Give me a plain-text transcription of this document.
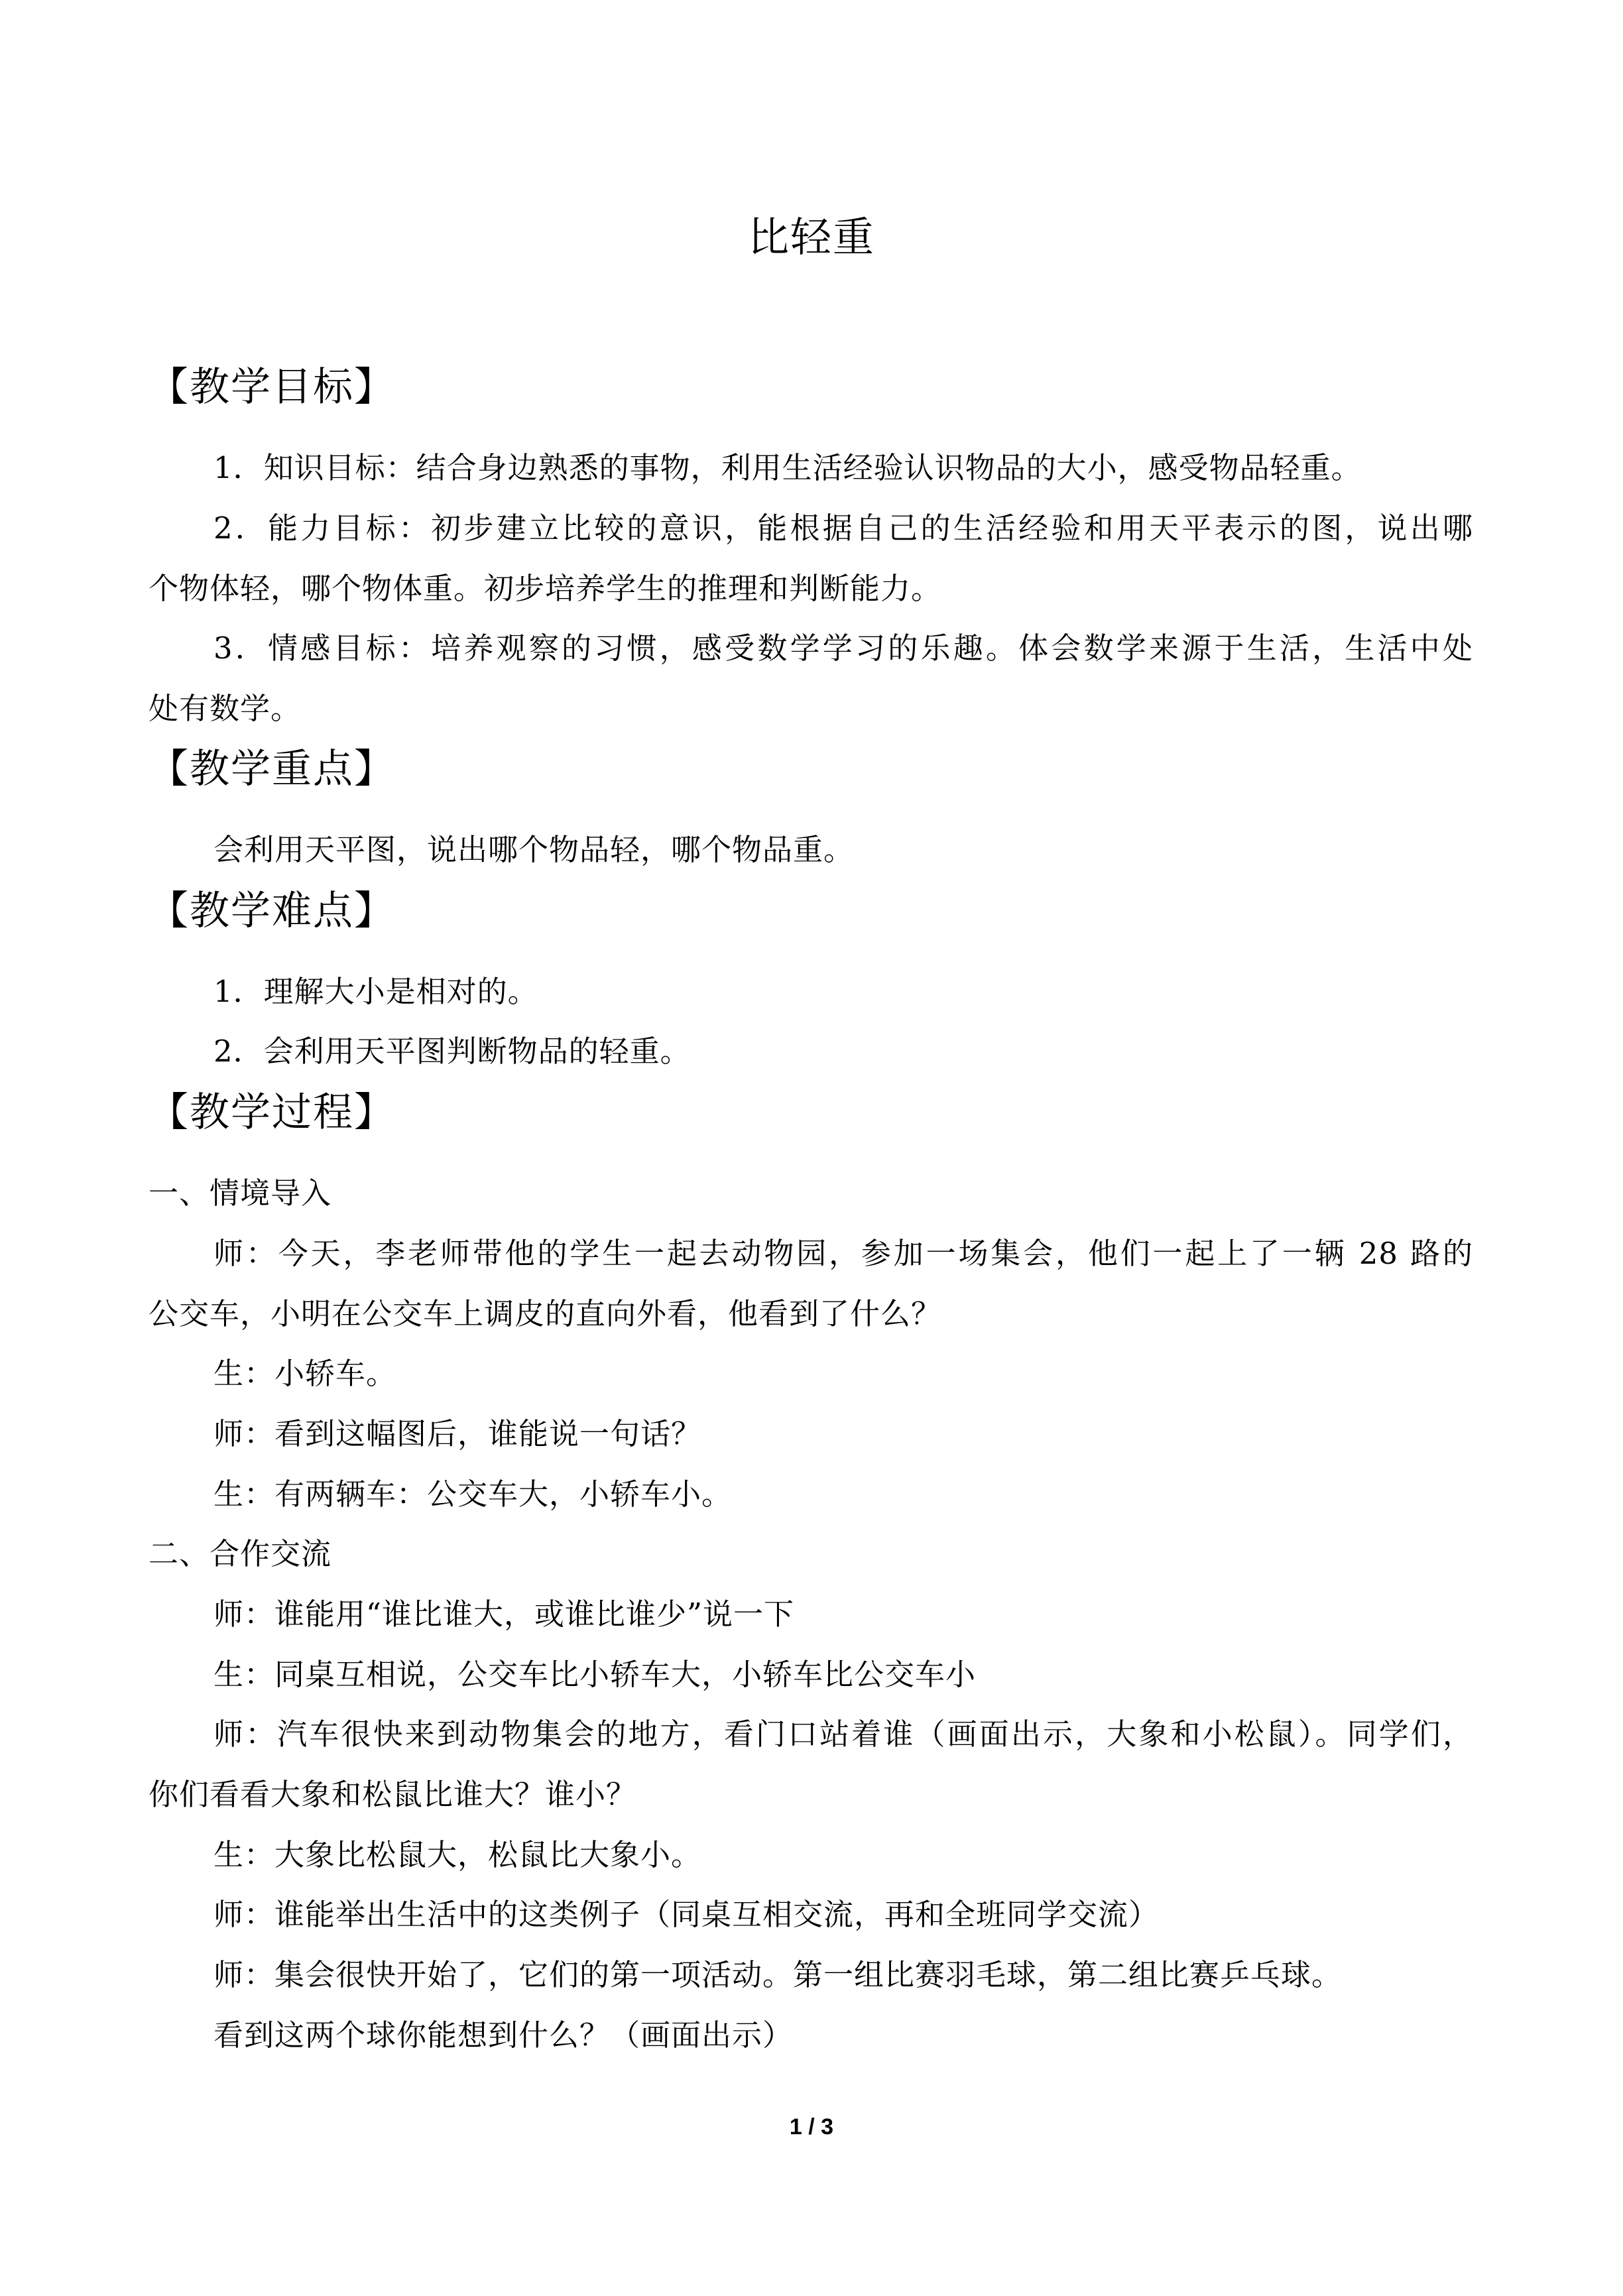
比轻重
【教学目标】

1．知识目标：结合身边熟悉的事物，利用生活经验认识物品的大小，感受物品轻重。

2．能力目标：初步建立比较的意识，能根据自己的生活经验和用天平表示的图，说出哪

个物体轻，哪个物体重。初步培养学生的推理和判断能力。

3．情感目标：培养观察的习惯，感受数学学习的乐趣。体会数学来源于生活，生活中处

处有数学。

【教学重点】

会利用天平图，说出哪个物品轻，哪个物品重。

【教学难点】

1．理解大小是相对的。

2．会利用天平图判断物品的轻重。

【教学过程】

一、情境导入

师：今天，李老师带他的学生一起去动物园，参加一场集会，他们一起上了一辆 28 路的

公交车，小明在公交车上调皮的直向外看，他看到了什么？

生：小轿车。

师：看到这幅图后，谁能说一句话？

生：有两辆车：公交车大，小轿车小。

二、合作交流

师：谁能用“谁比谁大，或谁比谁少”说一下

生：同桌互相说，公交车比小轿车大，小轿车比公交车小

师：汽车很快来到动物集会的地方，看门口站着谁（画面出示，大象和小松鼠）。同学们，

你们看看大象和松鼠比谁大？谁小？

生：大象比松鼠大，松鼠比大象小。

师：谁能举出生活中的这类例子（同桌互相交流，再和全班同学交流）

师：集会很快开始了，它们的第一项活动。第一组比赛羽毛球，第二组比赛乒乓球。

看到这两个球你能想到什么？（画面出示）

1 / 3
